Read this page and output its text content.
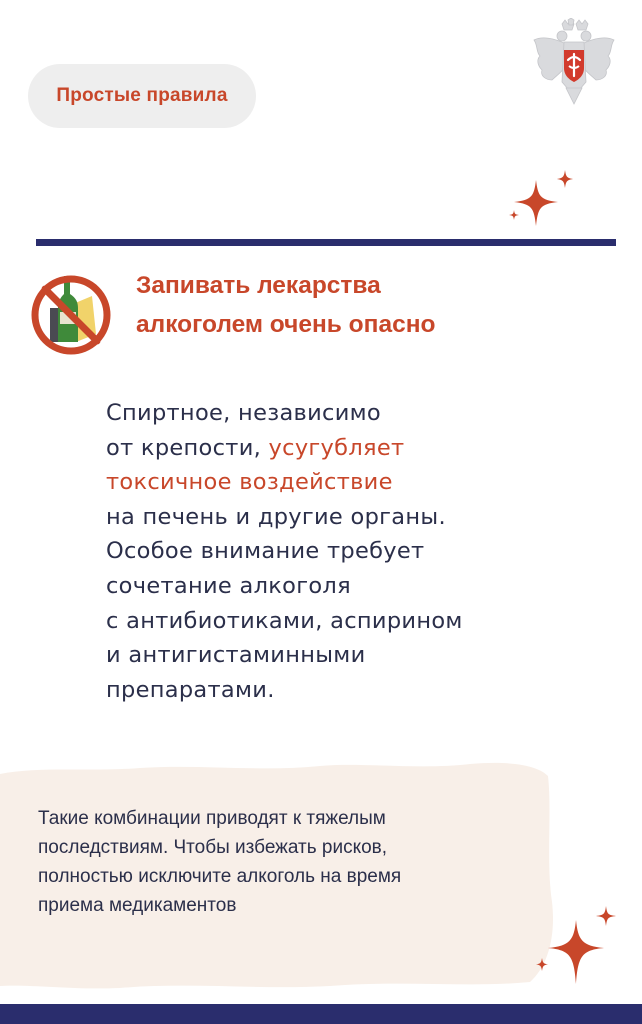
Простые правила
Запивать лекарства
алкоголем очень опасно

Спиртное, независимо
от крепости, усугубляет
токсичное воздействие
на печень и другие органы.
Особое внимание требует
сочетание алкоголя
с антибиотиками, аспирином
и антигистаминными
препаратами.

Такие комбинации приводят к тяжелым
последствиям. Чтобы избежать рисков,
полностью исключите алкоголь на время
приема медикаментов
